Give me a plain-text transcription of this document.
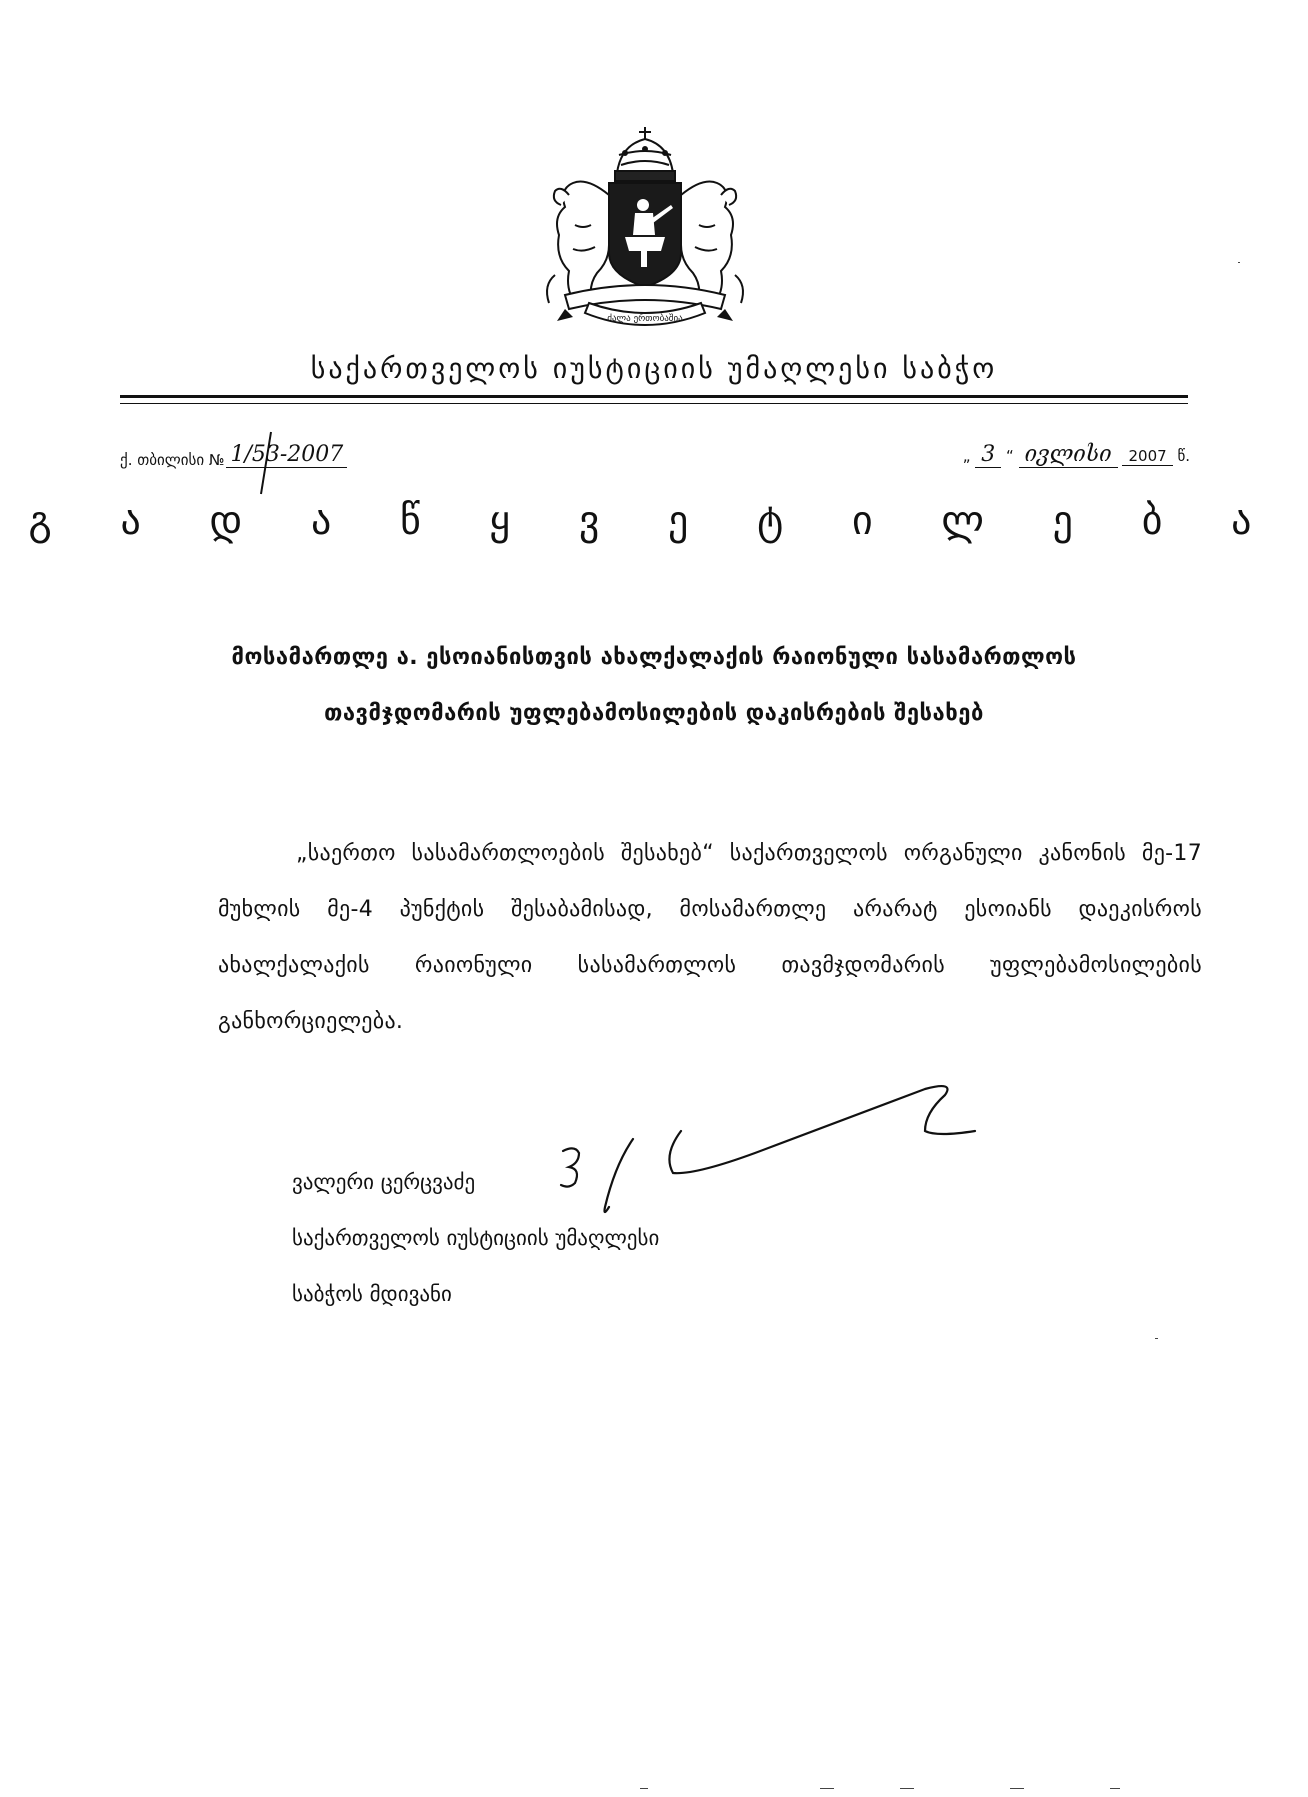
ძალა ერთობაშია
საქართველოს იუსტიციის უმაღლესი საბჭო
ქ. თბილისი № 1/53-2007	„ 3 “ ივლისი 2007 წ.
გ ა დ ა წ ყ ვ ე ტ ი ლ ე ბ ა
მოსამართლე ა. ესოიანისთვის ახალქალაქის რაიონული სასამართლოს
თავმჯდომარის უფლებამოსილების დაკისრების შესახებ
„საერთო სასამართლოების შესახებ“ საქართველოს ორგანული კანონის მე-17 მუხლის მე-4 პუნქტის შესაბამისად, მოსამართლე არარატ ესოიანს დაეკისროს ახალქალაქის რაიონული სასამართლოს თავმჯდომარის უფლებამოსილების განხორციელება.
ვალერი ცერცვაძე
საქართველოს იუსტიციის უმაღლესი
საბჭოს მდივანი
